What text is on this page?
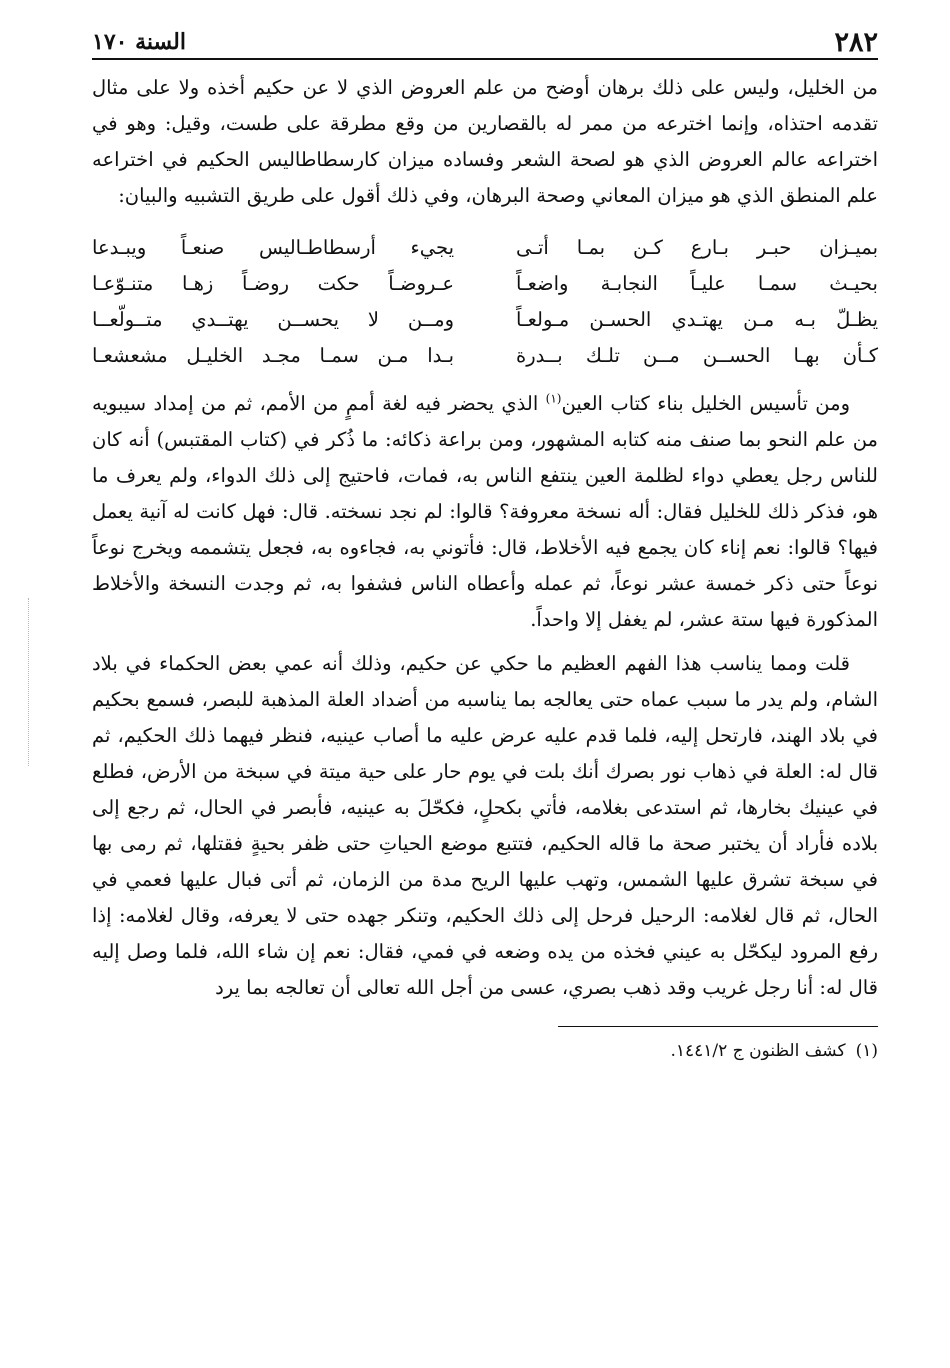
٢٨٢
السنة ١٧٠

من الخليل، وليس على ذلك برهان أوضح من علم العروض الذي لا عن حكيم أخذه ولا على مثال تقدمه احتذاه، وإنما اخترعه من ممر له بالقصارين من وقع مطرقة على طست، وقيل: وهو في اختراعه عالم العروض الذي هو لصحة الشعر وفساده ميزان كارسطاطاليس الحكيم في اختراعه علم المنطق الذي هو ميزان المعاني وصحة البرهان، وفي ذلك أقول على طريق التشبيه والبيان:

بميـزان حبـر بـارع كـن بمـا أتـى
يجيء أرسطاطـاليس صنعـاً ويبـدعا
بحيـث سمـا عليـاً النجابـة واضعـاً
عـروضـاً حكت روضـاً زهـا متنـوّعـا
يظـلّ بـه مـن يهتـدي الحسـن مـولعـاً
ومــن لا يحســن يهتــدي متــولّعــا
كـأن بهـا الحســن مــن تلـك بــدرة
بـدا مـن سمـا مجـد الخليـل مشعشعـا

ومن تأسيس الخليل بناء كتاب العين$^{(١)}$ الذي يحضر فيه لغة أممٍ من الأمم، ثم من إمداد سيبويه من علم النحو بما صنف منه كتابه المشهور، ومن براعة ذكائه: ما ذُكر في (كتاب المقتبس) أنه كان للناس رجل يعطي دواء لظلمة العين ينتفع الناس به، فمات، فاحتيج إلى ذلك الدواء، ولم يعرف ما هو، فذكر ذلك للخليل فقال: أله نسخة معروفة؟ قالوا: لم نجد نسخته. قال: فهل كانت له آنية يعمل فيها؟ قالوا: نعم إناء كان يجمع فيه الأخلاط، قال: فأتوني به، فجاءوه به، فجعل يتشممه ويخرج نوعاً نوعاً حتى ذكر خمسة عشر نوعاً، ثم عمله وأعطاه الناس فشفوا به، ثم وجدت النسخة والأخلاط المذكورة فيها ستة عشر، لم يغفل إلا واحداً.

قلت ومما يناسب هذا الفهم العظيم ما حكي عن حكيم، وذلك أنه عمي بعض الحكماء في بلاد الشام، ولم يدر ما سبب عماه حتى يعالجه بما يناسبه من أضداد العلة المذهبة للبصر، فسمع بحكيم في بلاد الهند، فارتحل إليه، فلما قدم عليه عرض عليه ما أصاب عينيه، فنظر فيهما ذلك الحكيم، ثم قال له: العلة في ذهاب نور بصرك أنك بلت في يوم حار على حية ميتة في سبخة من الأرض، فطلع في عينيك بخارها، ثم استدعى بغلامه، فأتي بكحلٍ، فكحّلَ به عينيه، فأبصر في الحال، ثم رجع إلى بلاده فأراد أن يختبر صحة ما قاله الحكيم، فتتبع موضع الحياتِ حتى ظفر بحيةٍ فقتلها، ثم رمى بها في سبخة تشرق عليها الشمس، وتهب عليها الريح مدة من الزمان، ثم أتى فبال عليها فعمي في الحال، ثم قال لغلامه: الرحيل فرحل إلى ذلك الحكيم، وتنكر جهده حتى لا يعرفه، وقال لغلامه: إذا رفع المرود ليكحّل به عيني فخذه من يده وضعه في فمي، فقال: نعم إن شاء الله، فلما وصل إليه قال له: أنا رجل غريب وقد ذهب بصري، عسى من أجل الله تعالى أن تعالجه بما يرد

(١)كشف الظنون ج ١٤٤١/٢.
